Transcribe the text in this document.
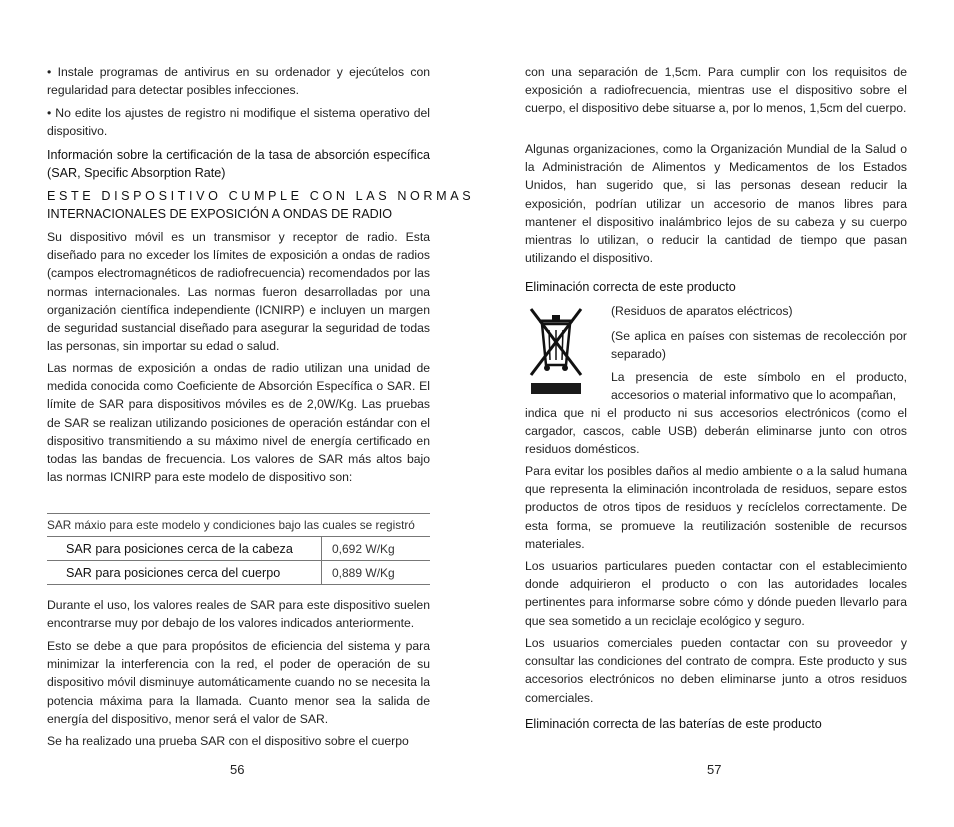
• Instale programas de antivirus en su ordenador y ejecútelos con regularidad para detectar posibles infecciones.

• No edite los ajustes de registro ni modifique el sistema operativo del dispositivo.

Información sobre la certificación de la tasa de absorción específica (SAR, Specific Absorption Rate)

ESTE DISPOSITIVO CUMPLE CON LAS NORMAS

INTERNACIONALES DE EXPOSICIÓN A ONDAS DE RADIO

Su dispositivo móvil es un transmisor y receptor de radio. Esta diseñado para no exceder los límites de exposición a ondas de radios (campos electromagnéticos de radiofrecuencia) recomendados por las normas internacionales. Las normas fueron desarrolladas por una organización científica independiente (ICNIRP) e incluyen un margen de seguridad sustancial diseñado para asegurar la seguridad de todas las personas, sin importar su edad o salud.

Las normas de exposición a ondas de radio utilizan una unidad de medida conocida como Coeficiente de Absorción Específica o SAR. El límite de SAR para dispositivos móviles es de 2,0W/Kg. Las pruebas de SAR se realizan utilizando posiciones de operación estándar con el dispositivo transmitiendo a su máximo nivel de energía certificado en todas las bandas de frecuencia. Los valores de SAR más altos bajo las normas ICNIRP para este modelo de dispositivo son:

SAR máxio para este modelo y condiciones bajo las cuales se registró
SAR para posiciones cerca de la cabeza	0,692 W/Kg
SAR para posiciones cerca del cuerpo	0,889 W/Kg

Durante el uso, los valores reales de SAR para este dispositivo suelen encontrarse muy por debajo de los valores indicados anteriormente.

Esto se debe a que para propósitos de eficiencia del sistema y para minimizar la interferencia con la red, el poder de operación de su dispositivo móvil disminuye automáticamente cuando no se necesita la potencia máxima para la llamada. Cuanto menor sea la salida de energía del dispositivo, menor será el valor de SAR.

Se ha realizado una prueba SAR con el dispositivo sobre el cuerpo

56

con una separación de 1,5cm. Para cumplir con los requisitos de exposición a radiofrecuencia, mientras use el dispositivo sobre el cuerpo, el dispositivo debe situarse a, por lo menos, 1,5cm del cuerpo.

Algunas organizaciones, como la Organización Mundial de la Salud o la Administración de Alimentos y Medicamentos de los Estados Unidos, han sugerido que, si las personas desean reducir la exposición, podrían utilizar un accesorio de manos libres para mantener el dispositivo inalámbrico lejos de su cabeza y su cuerpo mientras lo utilizan, o reducir la cantidad de tiempo que pasan utilizando el dispositivo.

Eliminación correcta de este producto

(Residuos de aparatos eléctricos)

(Se aplica en países con sistemas de recolección por separado)

La presencia de este símbolo en el producto, accesorios o material informativo que lo acompañan,

indica que ni el producto ni sus accesorios electrónicos (como el cargador, cascos, cable USB) deberán eliminarse junto con otros residuos domésticos.

Para evitar los posibles daños al medio ambiente o a la salud humana que representa la eliminación incontrolada de residuos, separe estos productos de otros tipos de residuos y recíclelos correctamente. De esta forma, se promueve la reutilización sostenible de recursos materiales.

Los usuarios particulares pueden contactar con el establecimiento donde adquirieron el producto o con las autoridades locales pertinentes para informarse sobre cómo y dónde pueden llevarlo para que sea sometido a un reciclaje ecológico y seguro.

Los usuarios comerciales pueden contactar con su proveedor y consultar las condiciones del contrato de compra. Este producto y sus accesorios electrónicos no deben eliminarse junto a otros residuos comerciales.

Eliminación correcta de las baterías de este producto

57
